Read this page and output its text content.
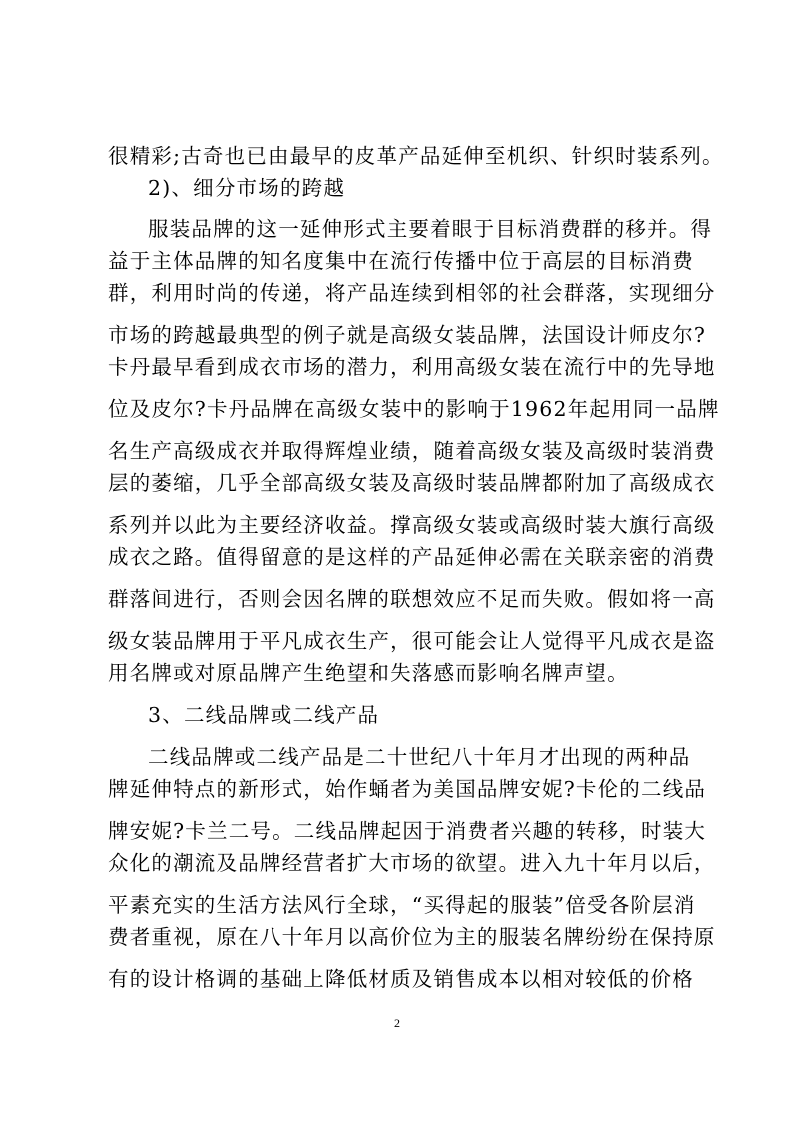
很精彩;古奇也已由最早的皮革产品延伸至机织、针织时装系列。
2)、细分市场的跨越
服装品牌的这一延伸形式主要着眼于目标消费群的移并。得
益于主体品牌的知名度集中在流行传播中位于高层的目标消费
群，利用时尚的传递，将产品连续到相邻的社会群落，实现细分
市场的跨越最典型的例子就是高级女装品牌，法国设计师皮尔?
卡丹最早看到成衣市场的潜力，利用高级女装在流行中的先导地
位及皮尔?卡丹品牌在高级女装中的影响于1962年起用同一品牌
名生产高级成衣并取得辉煌业绩，随着高级女装及高级时装消费
层的萎缩，几乎全部高级女装及高级时装品牌都附加了高级成衣
系列并以此为主要经济收益。撑高级女装或高级时装大旗行高级
成衣之路。值得留意的是这样的产品延伸必需在关联亲密的消费
群落间进行，否则会因名牌的联想效应不足而失败。假如将一高
级女装品牌用于平凡成衣生产，很可能会让人觉得平凡成衣是盗
用名牌或对原品牌产生绝望和失落感而影响名牌声望。
3、二线品牌或二线产品
二线品牌或二线产品是二十世纪八十年月才出现的两种品
牌延伸特点的新形式，始作蛹者为美国品牌安妮?卡伦的二线品
牌安妮?卡兰二号。二线品牌起因于消费者兴趣的转移，时装大
众化的潮流及品牌经营者扩大市场的欲望。进入九十年月以后，
平素充实的生活方法风行全球，“买得起的服装”倍受各阶层消
费者重视，原在八十年月以高价位为主的服装名牌纷纷在保持原
有的设计格调的基础上降低材质及销售成本以相对较低的价格
2
